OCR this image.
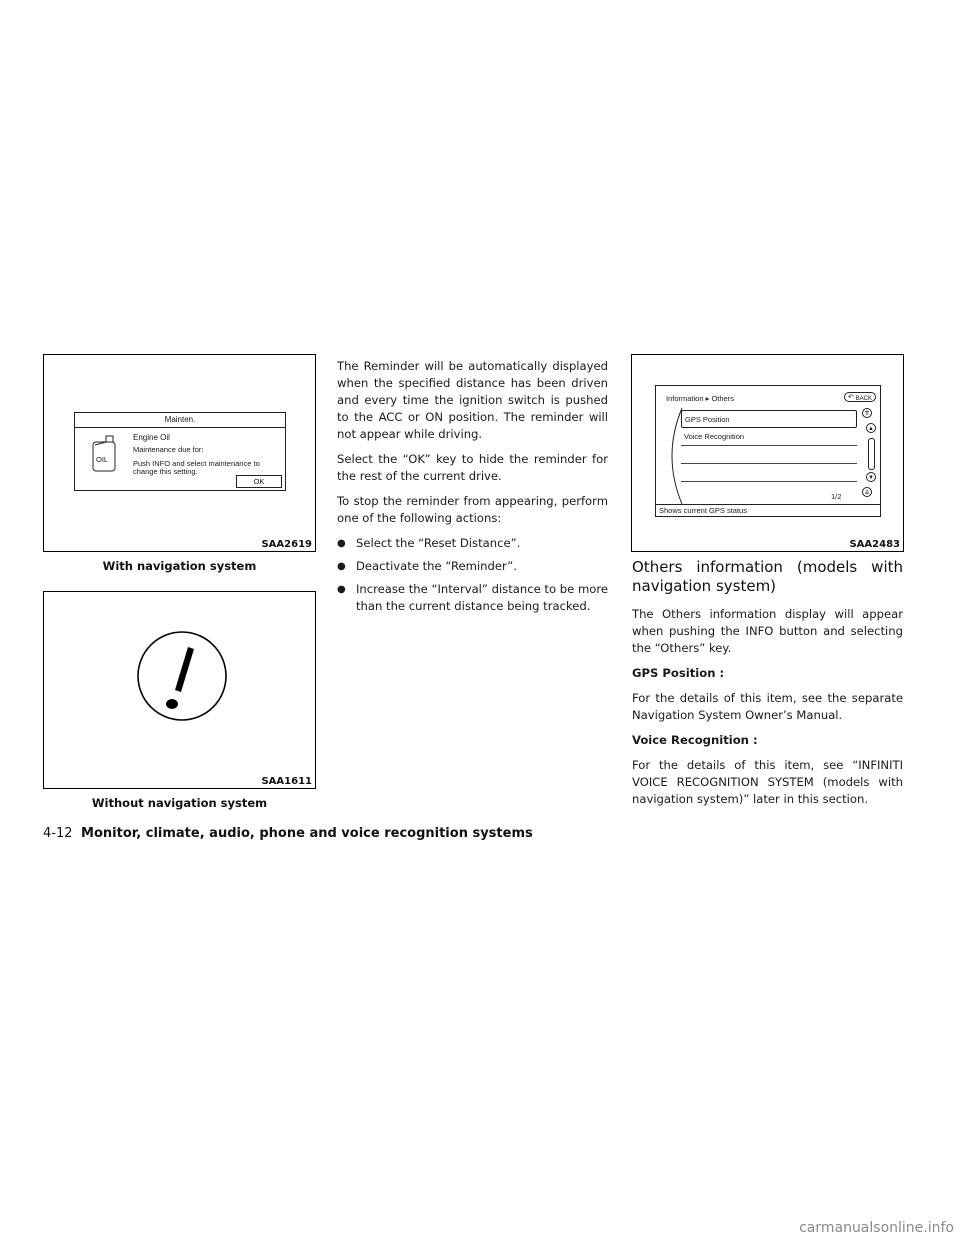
Mainten.
OIL
Engine Oil
Maintenance due for:
Push INFO and select maintenance to
change this setting.
OK
SAA2619
With navigation system
SAA1611
Without navigation system

The Reminder will be automatically displayed when the specified distance has been driven and every time the ignition switch is pushed to the ACC or ON position. The reminder will not appear while driving.

Select the “OK” key to hide the reminder for the rest of the current drive.

To stop the reminder from appearing, perform one of the following actions:

● Select the “Reset Distance”.
● Deactivate the “Reminder”.
● Increase the “Interval” distance to be more than the current distance being tracked.
Information ▸ Others	↶ BACK
GPS Position
Voice Recognition
⇈
▲
▼
⇊
1/2
Shows current GPS status
SAA2483
Others information (models with navigation system)

The Others information display will appear when pushing the INFO button and selecting the “Others” key.

GPS Position :

For the details of this item, see the separate Navigation System Owner’s Manual.

Voice Recognition :

For the details of this item, see “INFINITI VOICE RECOGNITION SYSTEM (models with navigation system)” later in this section.

4-12 Monitor, climate, audio, phone and voice recognition systems
carmanualsonline.info
